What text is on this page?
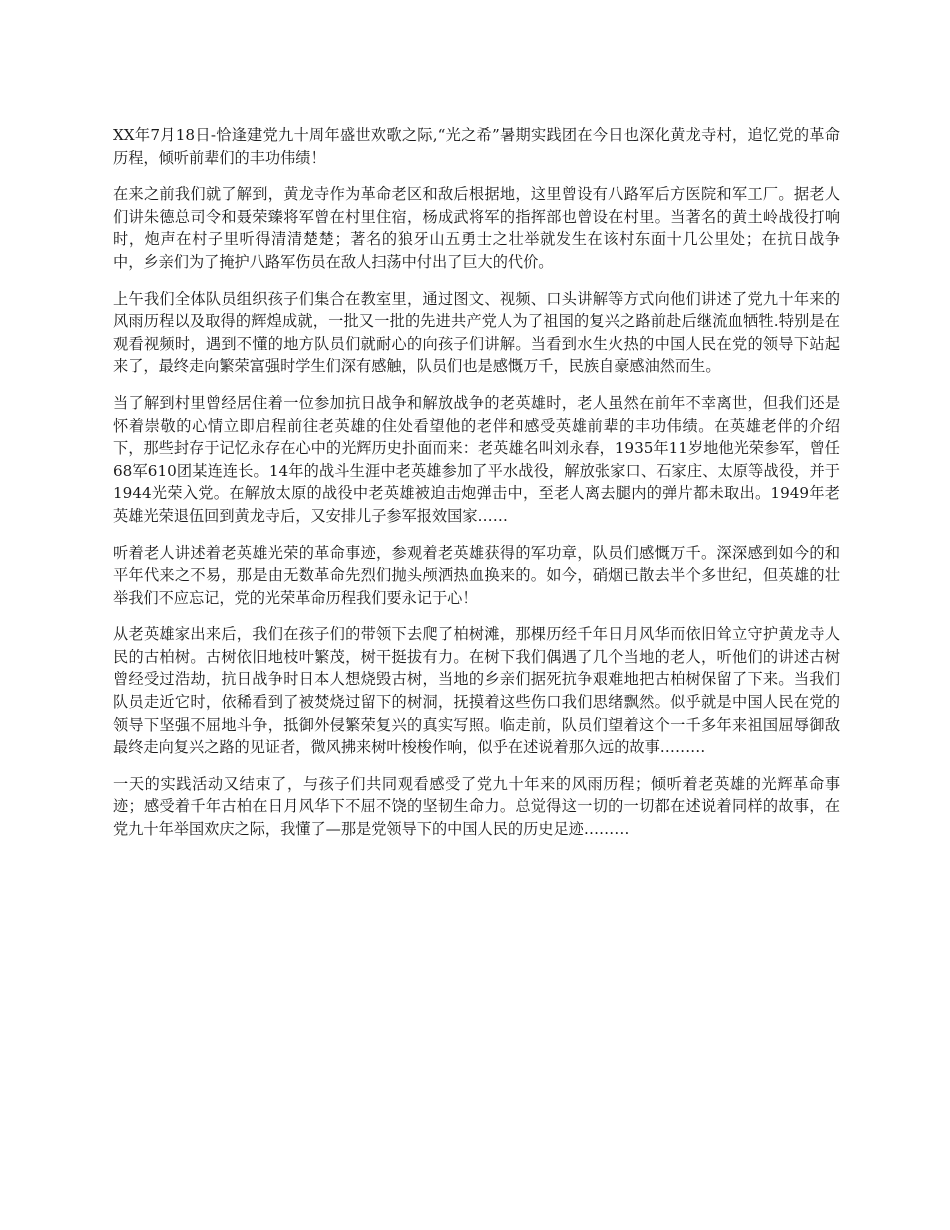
XX年7月18日-恰逢建党九十周年盛世欢歌之际,“光之希”暑期实践团在今日也深化黄龙寺村，追忆党的革命历程，倾听前辈们的丰功伟绩！

在来之前我们就了解到，黄龙寺作为革命老区和敌后根据地，这里曾设有八路军后方医院和军工厂。据老人们讲朱德总司令和聂荣臻将军曾在村里住宿，杨成武将军的指挥部也曾设在村里。当著名的黄土岭战役打响时，炮声在村子里听得清清楚楚；著名的狼牙山五勇士之壮举就发生在该村东面十几公里处；在抗日战争中，乡亲们为了掩护八路军伤员在敌人扫荡中付出了巨大的代价。

上午我们全体队员组织孩子们集合在教室里，通过图文、视频、口头讲解等方式向他们讲述了党九十年来的风雨历程以及取得的辉煌成就，一批又一批的先进共产党人为了祖国的复兴之路前赴后继流血牺牲.特别是在观看视频时，遇到不懂的地方队员们就耐心的向孩子们讲解。当看到水生火热的中国人民在党的领导下站起来了，最终走向繁荣富强时学生们深有感触，队员们也是感慨万千，民族自豪感油然而生。

当了解到村里曾经居住着一位参加抗日战争和解放战争的老英雄时，老人虽然在前年不幸离世，但我们还是怀着崇敬的心情立即启程前往老英雄的住处看望他的老伴和感受英雄前辈的丰功伟绩。在英雄老伴的介绍下，那些封存于记忆永存在心中的光辉历史扑面而来：老英雄名叫刘永春，1935年11岁地他光荣参军，曾任68军610团某连连长。14年的战斗生涯中老英雄参加了平水战役，解放张家口、石家庄、太原等战役，并于1944光荣入党。在解放太原的战役中老英雄被迫击炮弹击中，至老人离去腿内的弹片都未取出。1949年老英雄光荣退伍回到黄龙寺后，又安排儿子参军报效国家……

听着老人讲述着老英雄光荣的革命事迹，参观着老英雄获得的军功章，队员们感慨万千。深深感到如今的和平年代来之不易，那是由无数革命先烈们抛头颅洒热血换来的。如今，硝烟已散去半个多世纪，但英雄的壮举我们不应忘记，党的光荣革命历程我们要永记于心！

从老英雄家出来后，我们在孩子们的带领下去爬了柏树滩，那棵历经千年日月风华而依旧耸立守护黄龙寺人民的古柏树。古树依旧地枝叶繁茂，树干挺拔有力。在树下我们偶遇了几个当地的老人，听他们的讲述古树曾经受过浩劫，抗日战争时日本人想烧毁古树，当地的乡亲们据死抗争艰难地把古柏树保留了下来。当我们队员走近它时，依稀看到了被焚烧过留下的树洞，抚摸着这些伤口我们思绪飘然。似乎就是中国人民在党的领导下坚强不屈地斗争，抵御外侵繁荣复兴的真实写照。临走前，队员们望着这个一千多年来祖国屈辱御敌最终走向复兴之路的见证者，微风拂来树叶梭梭作响，似乎在述说着那久远的故事………

一天的实践活动又结束了，与孩子们共同观看感受了党九十年来的风雨历程；倾听着老英雄的光辉革命事迹；感受着千年古柏在日月风华下不屈不饶的坚韧生命力。总觉得这一切的一切都在述说着同样的故事，在党九十年举国欢庆之际，我懂了—那是党领导下的中国人民的历史足迹………
